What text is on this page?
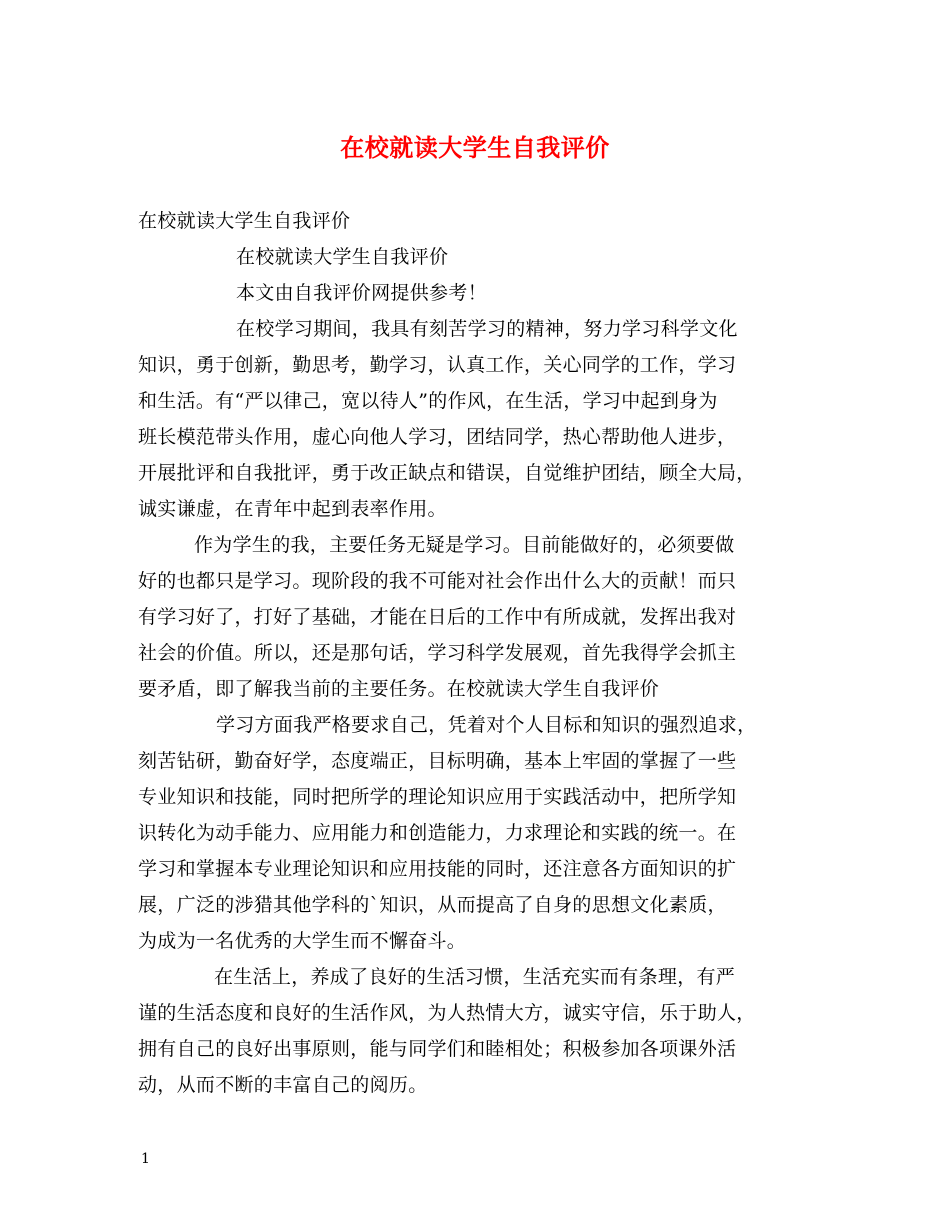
在校就读大学生自我评价
在校就读大学生自我评价
在校就读大学生自我评价
本文由自我评价网提供参考！
在校学习期间，我具有刻苦学习的精神，努力学习科学文化
知识，勇于创新，勤思考，勤学习，认真工作，关心同学的工作，学习
和生活。有“严以律己，宽以待人”的作风，在生活，学习中起到身为
班长模范带头作用，虚心向他人学习，团结同学，热心帮助他人进步，
开展批评和自我批评，勇于改正缺点和错误，自觉维护团结，顾全大局，
诚实谦虚，在青年中起到表率作用。
作为学生的我，主要任务无疑是学习。目前能做好的，必须要做
好的也都只是学习。现阶段的我不可能对社会作出什么大的贡献！而只
有学习好了，打好了基础，才能在日后的工作中有所成就，发挥出我对
社会的价值。所以，还是那句话，学习科学发展观，首先我得学会抓主
要矛盾，即了解我当前的主要任务。在校就读大学生自我评价
学习方面我严格要求自己，凭着对个人目标和知识的强烈追求，
刻苦钻研，勤奋好学，态度端正，目标明确，基本上牢固的掌握了一些
专业知识和技能，同时把所学的理论知识应用于实践活动中，把所学知
识转化为动手能力、应用能力和创造能力，力求理论和实践的统一。在
学习和掌握本专业理论知识和应用技能的同时，还注意各方面知识的扩
展，广泛的涉猎其他学科的`知识，从而提高了自身的思想文化素质，
为成为一名优秀的大学生而不懈奋斗。
在生活上，养成了良好的生活习惯，生活充实而有条理，有严
谨的生活态度和良好的生活作风，为人热情大方，诚实守信，乐于助人，
拥有自己的良好出事原则，能与同学们和睦相处；积极参加各项课外活
动，从而不断的丰富自己的阅历。
1
